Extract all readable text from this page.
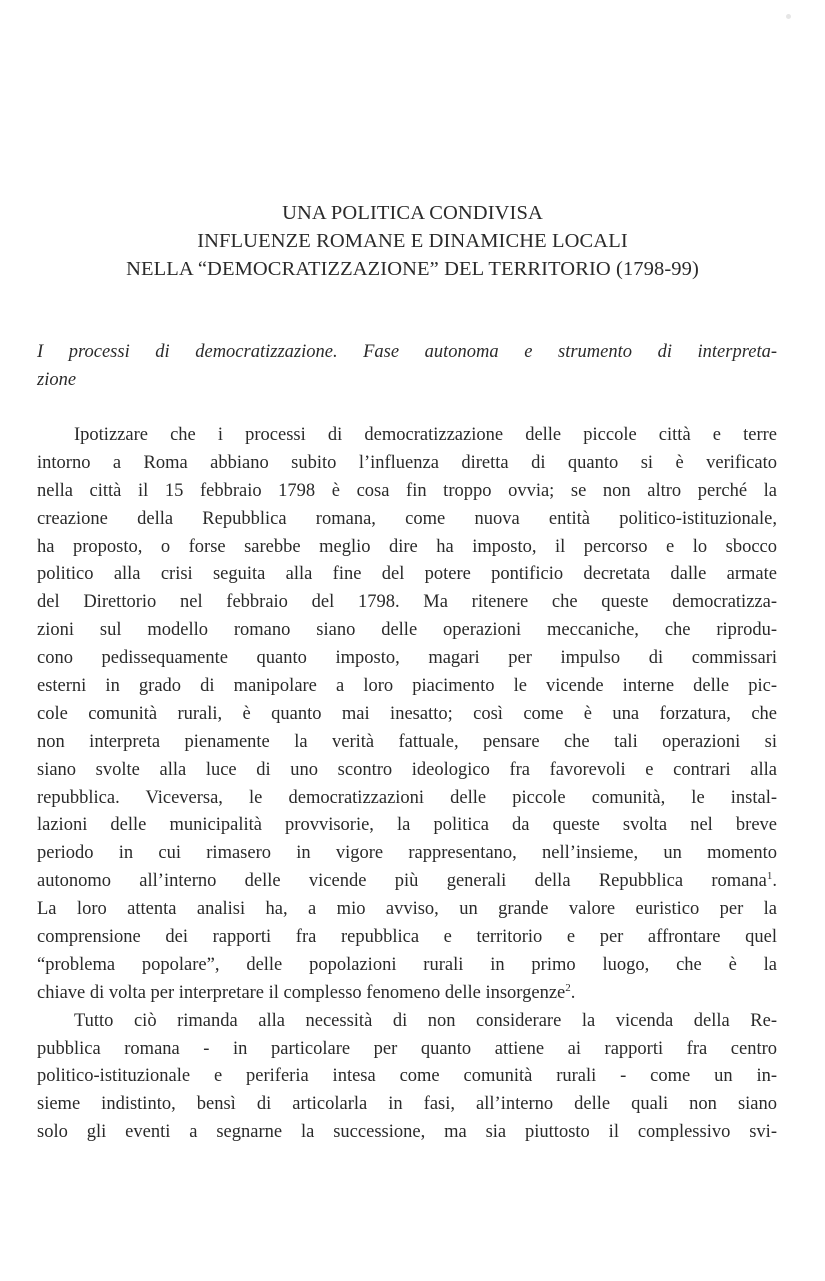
UNA POLITICA CONDIVISA
INFLUENZE ROMANE E DINAMICHE LOCALI
NELLA “DEMOCRATIZZAZIONE” DEL TERRITORIO (1798-99)
I processi di democratizzazione. Fase autonoma e strumento di interpreta-
zione
Ipotizzare che i processi di democratizzazione delle piccole città e terre
intorno a Roma abbiano subito l’influenza diretta di quanto si è verificato
nella città il 15 febbraio 1798 è cosa fin troppo ovvia; se non altro perché la
creazione della Repubblica romana, come nuova entità politico-istituzionale,
ha proposto, o forse sarebbe meglio dire ha imposto, il percorso e lo sbocco
politico alla crisi seguita alla fine del potere pontificio decretata dalle armate
del Direttorio nel febbraio del 1798. Ma ritenere che queste democratizza-
zioni sul modello romano siano delle operazioni meccaniche, che riprodu-
cono pedissequamente quanto imposto, magari per impulso di commissari
esterni in grado di manipolare a loro piacimento le vicende interne delle pic-
cole comunità rurali, è quanto mai inesatto; così come è una forzatura, che
non interpreta pienamente la verità fattuale, pensare che tali operazioni si
siano svolte alla luce di uno scontro ideologico fra favorevoli e contrari alla
repubblica. Viceversa, le democratizzazioni delle piccole comunità, le instal-
lazioni delle municipalità provvisorie, la politica da queste svolta nel breve
periodo in cui rimasero in vigore rappresentano, nell’insieme, un momento
autonomo all’interno delle vicende più generali della Repubblica romana$^1$.
La loro attenta analisi ha, a mio avviso, un grande valore euristico per la
comprensione dei rapporti fra repubblica e territorio e per affrontare quel
“problema popolare”, delle popolazioni rurali in primo luogo, che è la
chiave di volta per interpretare il complesso fenomeno delle insorgenze$^2$.
Tutto ciò rimanda alla necessità di non considerare la vicenda della Re-
pubblica romana - in particolare per quanto attiene ai rapporti fra centro
politico-istituzionale e periferia intesa come comunità rurali - come un in-
sieme indistinto, bensì di articolarla in fasi, all’interno delle quali non siano
solo gli eventi a segnarne la successione, ma sia piuttosto il complessivo svi-
